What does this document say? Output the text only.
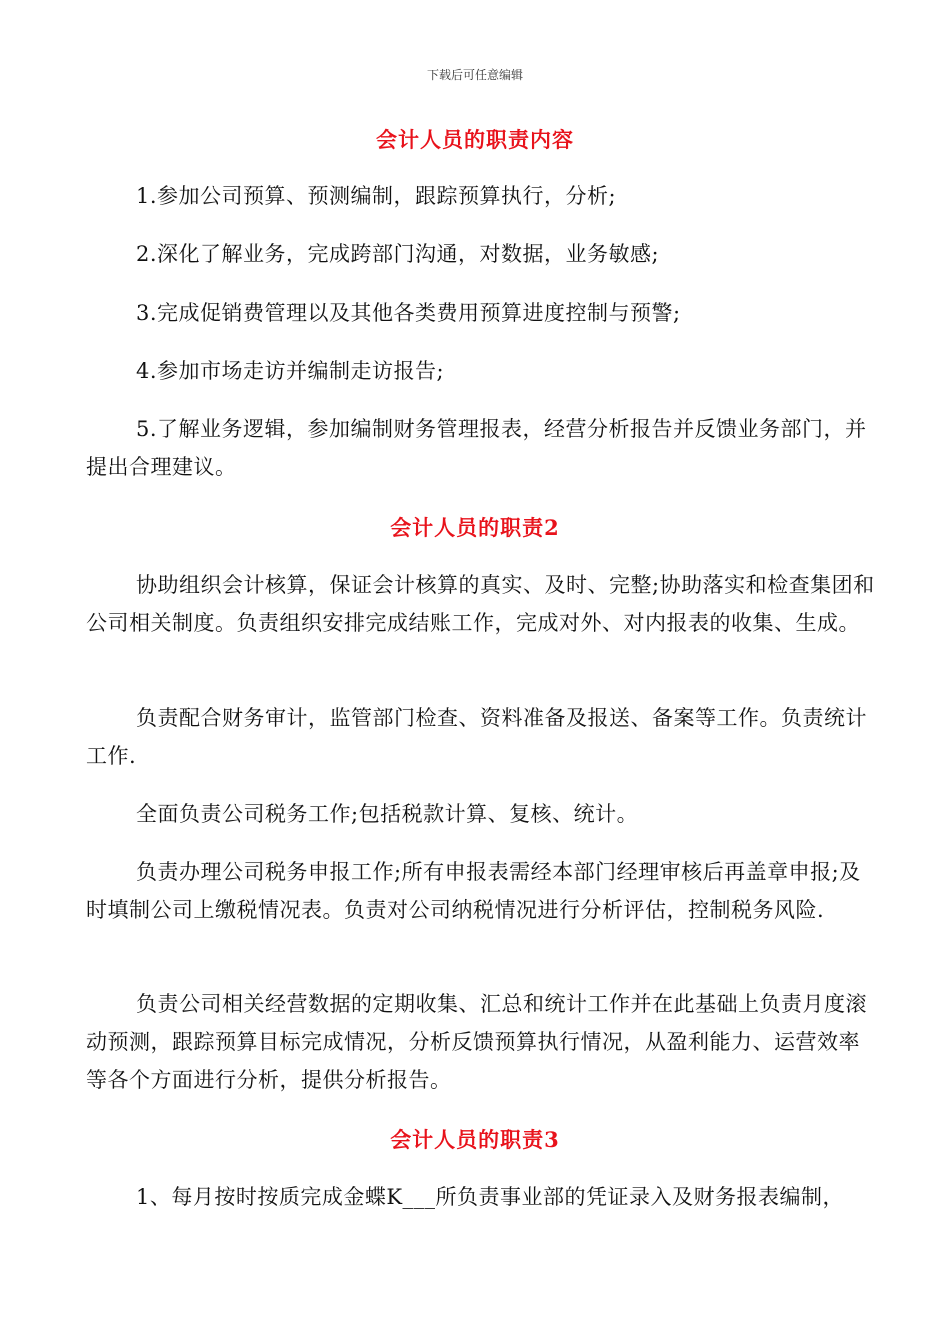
下载后可任意编辑
会计人员的职责内容
1.参加公司预算、预测编制，跟踪预算执行，分析;
2.深化了解业务，完成跨部门沟通，对数据，业务敏感;
3.完成促销费管理以及其他各类费用预算进度控制与预警;
4.参加市场走访并编制走访报告;
5.了解业务逻辑，参加编制财务管理报表，经营分析报告并反馈业务部门，并提出合理建议。
会计人员的职责2
协助组织会计核算，保证会计核算的真实、及时、完整;协助落实和检查集团和公司相关制度。负责组织安排完成结账工作，完成对外、对内报表的收集、生成。
负责配合财务审计，监管部门检查、资料准备及报送、备案等工作。负责统计工作.
全面负责公司税务工作;包括税款计算、复核、统计。
负责办理公司税务申报工作;所有申报表需经本部门经理审核后再盖章申报;及时填制公司上缴税情况表。负责对公司纳税情况进行分析评估，控制税务风险.
负责公司相关经营数据的定期收集、汇总和统计工作并在此基础上负责月度滚动预测，跟踪预算目标完成情况，分析反馈预算执行情况，从盈利能力、运营效率等各个方面进行分析，提供分析报告。
会计人员的职责3
1、每月按时按质完成金蝶K___所负责事业部的凭证录入及财务报表编制，
